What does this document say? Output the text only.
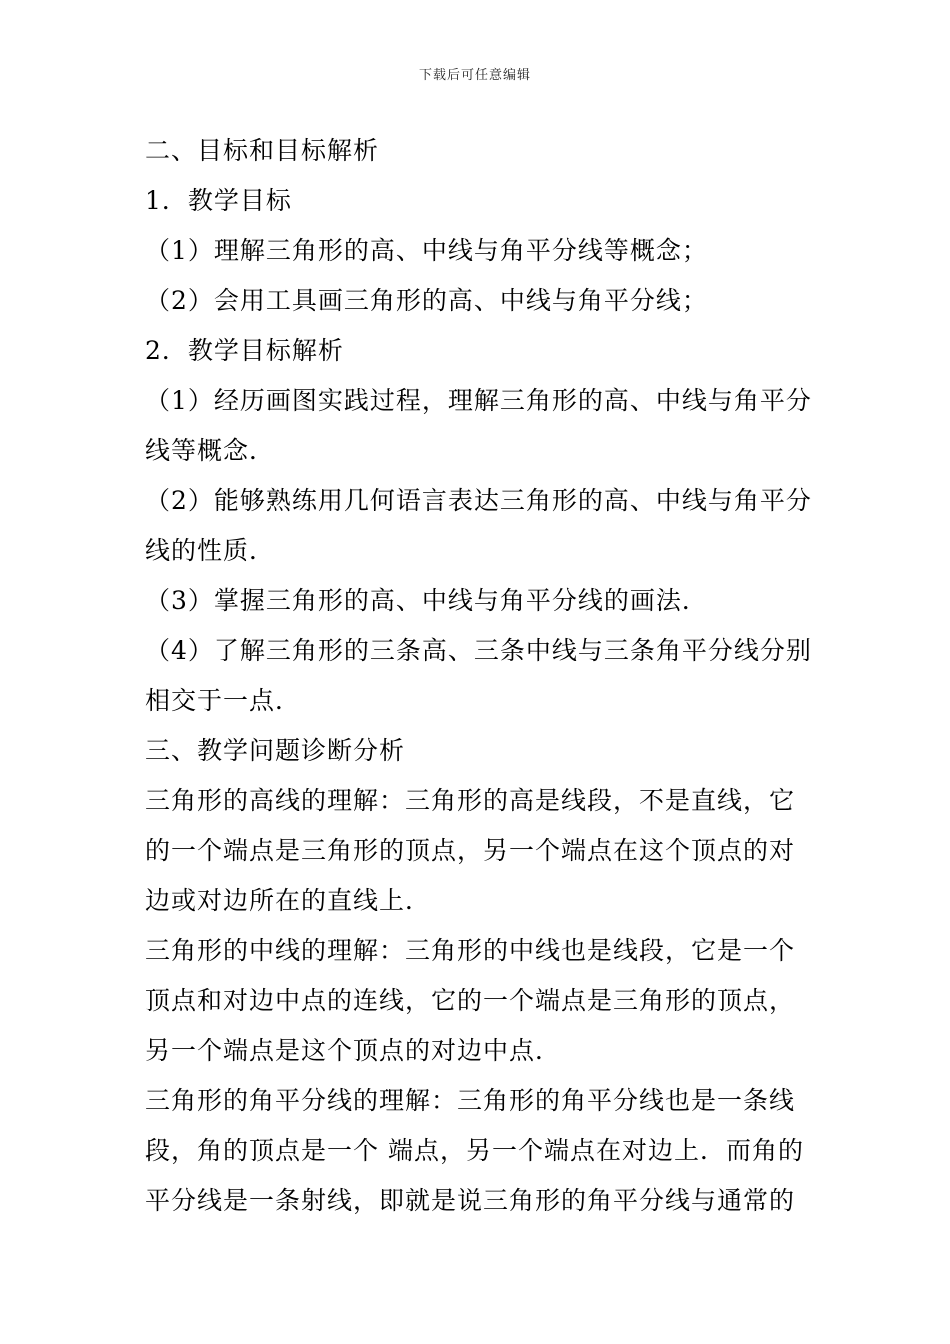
下载后可任意编辑
二、目标和目标解析
1．教学目标
（1）理解三角形的高、中线与角平分线等概念；
（2）会用工具画三角形的高、中线与角平分线；
2．教学目标解析
（1）经历画图实践过程，理解三角形的高、中线与角平分
线等概念．
（2）能够熟练用几何语言表达三角形的高、中线与角平分
线的性质．
（3）掌握三角形的高、中线与角平分线的画法．
（4）了解三角形的三条高、三条中线与三条角平分线分别
相交于一点．
三、教学问题诊断分析
三角形的高线的理解：三角形的高是线段，不是直线，它
的一个端点是三角形的顶点，另一个端点在这个顶点的对
边或对边所在的直线上．
三角形的中线的理解：三角形的中线也是线段，它是一个
顶点和对边中点的连线，它的一个端点是三角形的顶点，
另一个端点是这个顶点的对边中点．
三角形的角平分线的理解：三角形的角平分线也是一条线
段，角的顶点是一个 端点，另一个端点在对边上．而角的
平分线是一条射线，即就是说三角形的角平分线与通常的
